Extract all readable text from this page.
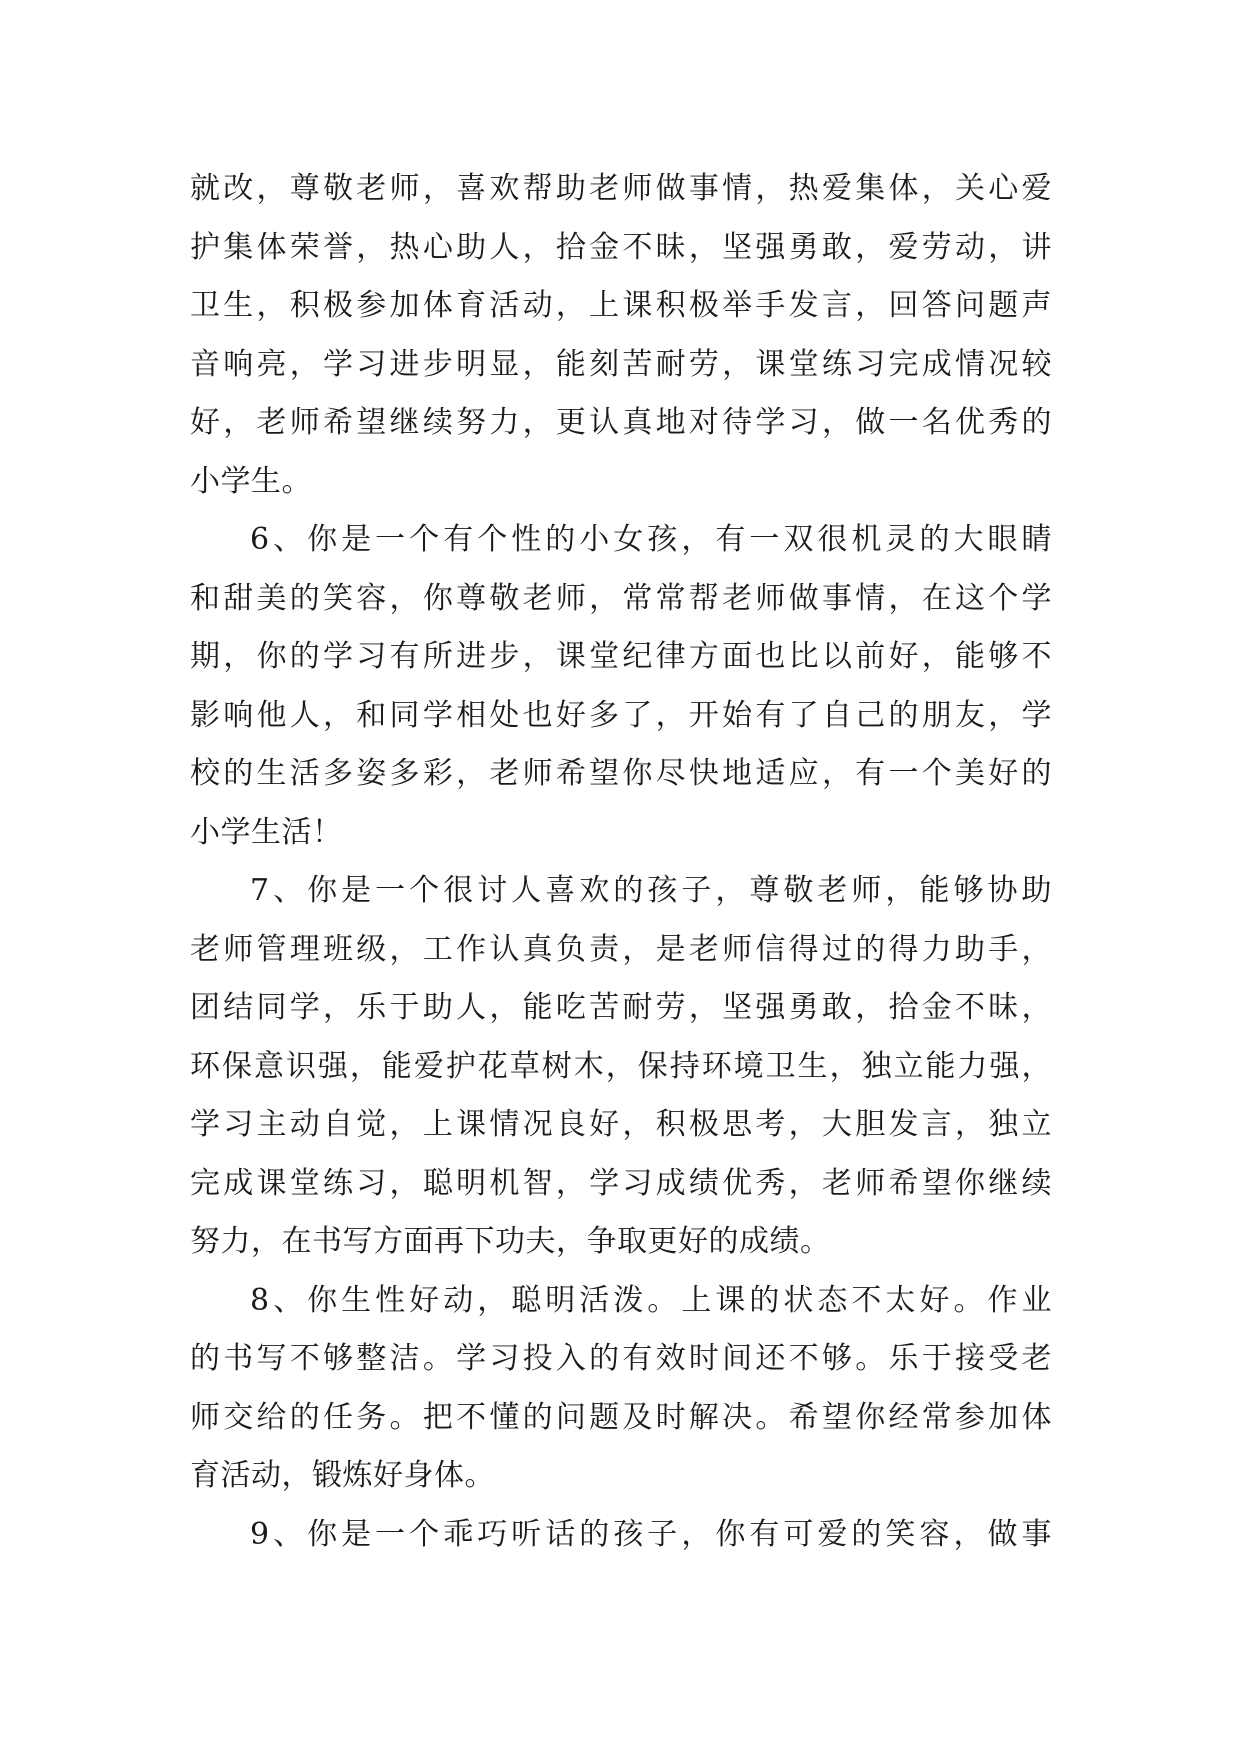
就改，尊敬老师，喜欢帮助老师做事情，热爱集体，关心爱
护集体荣誉，热心助人，拾金不昧，坚强勇敢，爱劳动，讲
卫生，积极参加体育活动，上课积极举手发言，回答问题声
音响亮，学习进步明显，能刻苦耐劳，课堂练习完成情况较
好，老师希望继续努力，更认真地对待学习，做一名优秀的
小学生。
6、你是一个有个性的小女孩，有一双很机灵的大眼睛
和甜美的笑容，你尊敬老师，常常帮老师做事情，在这个学
期，你的学习有所进步，课堂纪律方面也比以前好，能够不
影响他人，和同学相处也好多了，开始有了自己的朋友，学
校的生活多姿多彩，老师希望你尽快地适应，有一个美好的
小学生活！
7、你是一个很讨人喜欢的孩子，尊敬老师，能够协助
老师管理班级，工作认真负责，是老师信得过的得力助手，
团结同学，乐于助人，能吃苦耐劳，坚强勇敢，拾金不昧，
环保意识强，能爱护花草树木，保持环境卫生，独立能力强，
学习主动自觉，上课情况良好，积极思考，大胆发言，独立
完成课堂练习，聪明机智，学习成绩优秀，老师希望你继续
努力，在书写方面再下功夫，争取更好的成绩。
8、你生性好动，聪明活泼。上课的状态不太好。作业
的书写不够整洁。学习投入的有效时间还不够。乐于接受老
师交给的任务。把不懂的问题及时解决。希望你经常参加体
育活动，锻炼好身体。
9、你是一个乖巧听话的孩子，你有可爱的笑容，做事
